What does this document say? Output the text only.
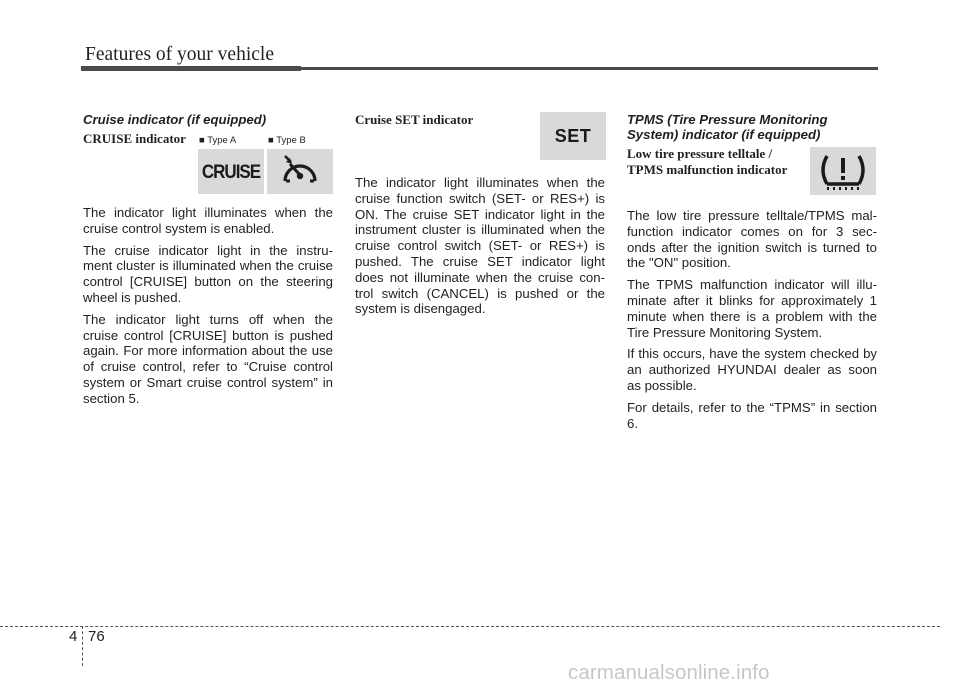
Features of your vehicle
Cruise indicator (if equipped)
CRUISE indicator

The indicator light illuminates when the cruise control system is enabled.

The cruise indicator light in the instru- ment cluster is illuminated when the cruise control [CRUISE] button on the steering wheel is pushed.

The indicator light turns off when the cruise control [CRUISE] button is pushed again. For more information about the use of cruise control, refer to “Cruise control system or Smart cruise control system” in section 5.

■ Type A	■ Type B
CRUISE
Cruise SET indicator

The indicator light illuminates when the cruise function switch (SET- or RES+) is ON. The cruise SET indicator light in the instrument cluster is illuminated when the cruise control switch (SET- or RES+) is pushed. The cruise SET indicator light does not illuminate when the cruise con- trol switch (CANCEL) is pushed or the system is disengaged.

SET
TPMS (Tire Pressure Monitoring
System) indicator (if equipped)
Low tire pressure telltale /
TPMS malfunction indicator

The low tire pressure telltale/TPMS mal- function indicator comes on for 3 sec- onds after the ignition switch is turned to the "ON" position.

The TPMS malfunction indicator will illu- minate after it blinks for approximately 1 minute when there is a problem with the Tire Pressure Monitoring System.

If this occurs, have the system checked by an authorized HYUNDAI dealer as soon as possible.

For details, refer to the “TPMS” in section 6.

4 76
carmanualsonline.info
